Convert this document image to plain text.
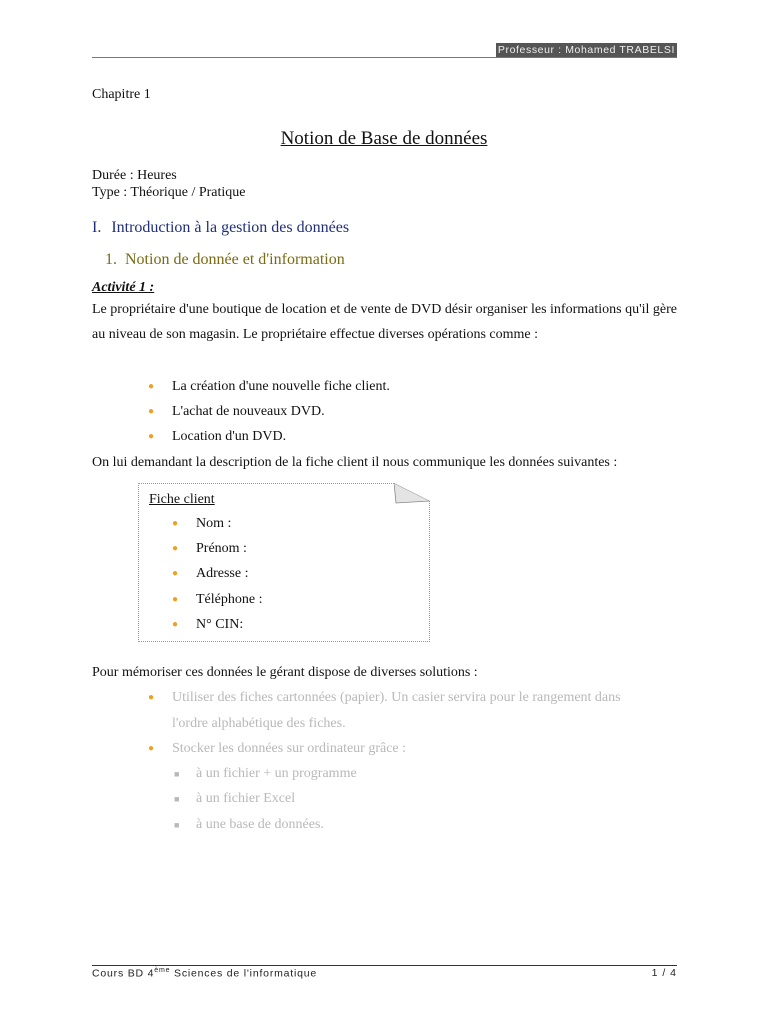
Professeur : Mohamed TRABELSI
Chapitre 1
Notion de Base de données
Durée : Heures
Type : Théorique / Pratique
I. Introduction à la gestion des données
1. Notion de donnée et d'information
Activité 1 :
Le propriétaire d'une boutique de location et de vente de DVD désir organiser les informations qu'il gère au niveau de son magasin. Le propriétaire effectue diverses opérations comme :
● La création d'une nouvelle fiche client.
● L'achat de nouveaux DVD.
● Location d'un DVD.
On lui demandant la description de la fiche client il nous communique les données suivantes :
Fiche client
● Nom :
● Prénom :
● Adresse :
● Téléphone :
● N° CIN:
Pour mémoriser ces données le gérant dispose de diverses solutions :
● Utiliser des fiches cartonnées (papier). Un casier servira pour le rangement dans
l'ordre alphabétique des fiches.
● Stocker les données sur ordinateur grâce :
■ à un fichier + un programme
■ à un fichier Excel
■ à une base de données.
Cours BD 4ème Sciences de l'informatique	1 / 4
